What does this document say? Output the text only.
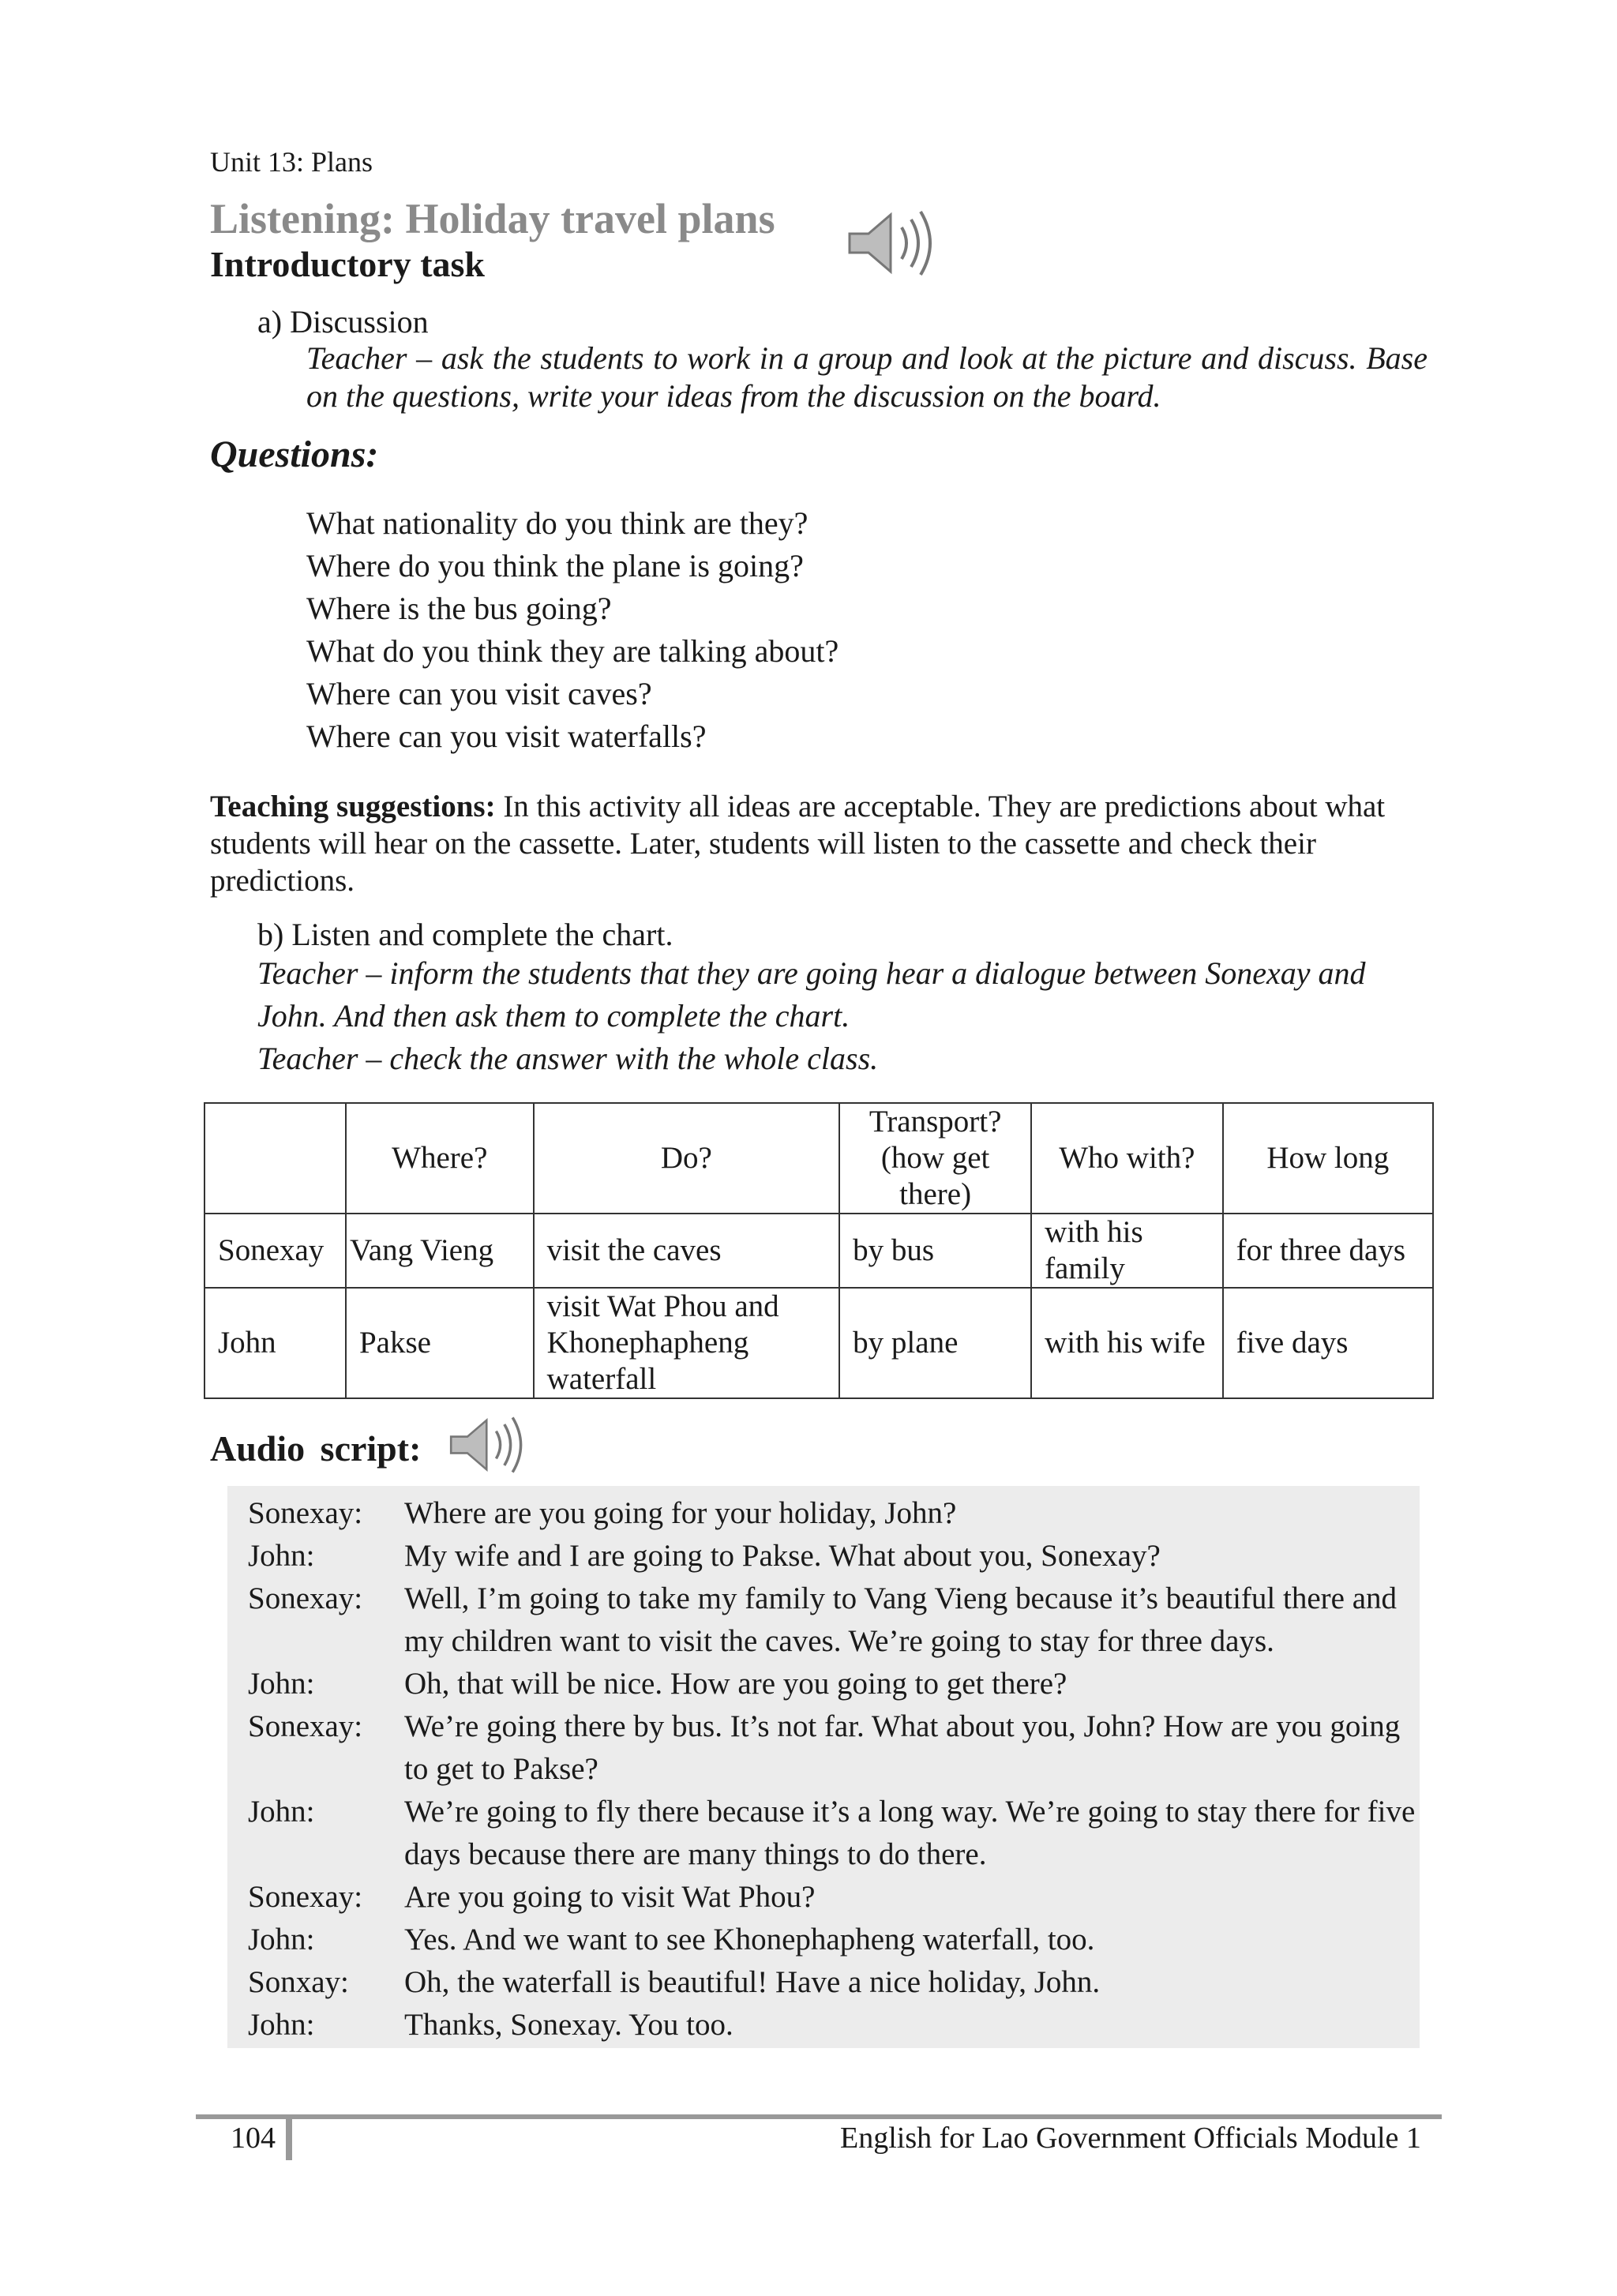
Unit 13: Plans
Listening: Holiday travel plans
Introductory task
a) Discussion
Teacher – ask the students to work in a group and look at the picture and discuss. Base on the questions, write your ideas from the discussion on the board.
Questions:
What nationality do you think are they?
Where do you think the plane is going?
Where is the bus going?
What do you think they are talking about?
Where can you visit caves?
Where can you visit waterfalls?
Teaching suggestions: In this activity all ideas are acceptable. They are predictions about what students will hear on the cassette. Later, students will listen to the cassette and check their predictions.
b) Listen and complete the chart.
Teacher – inform the students that they are going hear a dialogue between Sonexay and
John. And then ask them to complete the chart.
Teacher – check the answer with the whole class.
	Where?	Do?	Transport? (how get there)	Who with?	How long
Sonexay	Vang Vieng	visit the caves	by bus	with his family	for three days
John	Pakse	visit Wat Phou and Khonephapheng waterfall	by plane	with his wife	five days
Audio script:
Sonexay:	Where are you going for your holiday, John?
John:	My wife and I are going to Pakse. What about you, Sonexay?
Sonexay:	Well, I’m going to take my family to Vang Vieng because it’s beautiful there and my children want to visit the caves. We’re going to stay for three days.
John:	Oh, that will be nice. How are you going to get there?
Sonexay:	We’re going there by bus. It’s not far. What about you, John? How are you going to get to Pakse?
John:	We’re going to fly there because it’s a long way. We’re going to stay there for five days because there are many things to do there.
Sonexay:	Are you going to visit Wat Phou?
John:	Yes. And we want to see Khonephapheng waterfall, too.
Sonxay:	Oh, the waterfall is beautiful! Have a nice holiday, John.
John:	Thanks, Sonexay. You too.
104	English for Lao Government Officials Module 1
